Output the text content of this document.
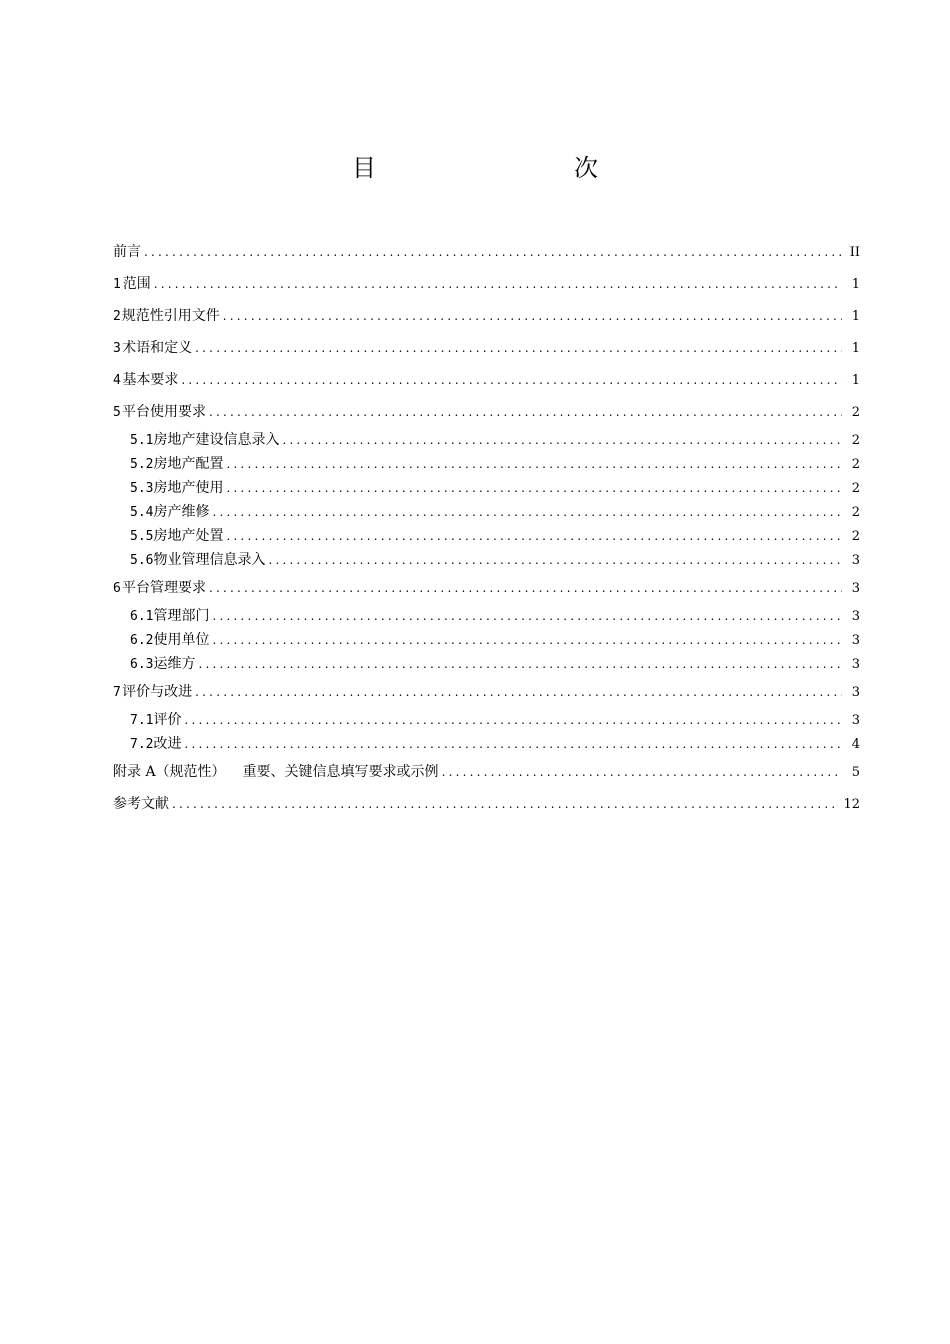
目　　次
前言 .....	II
1 范围 .....	1
2 规范性引用文件 .....	1
3 术语和定义 .....	1
4 基本要求 .....	1
5 平台使用要求 .....	2
5.1 房地产建设信息录入 .....	2
5.2 房地产配置 .....	2
5.3 房地产使用 .....	2
5.4 房产维修 .....	2
5.5 房地产处置 .....	2
5.6 物业管理信息录入 .....	3
6 平台管理要求 .....	3
6.1 管理部门 .....	3
6.2 使用单位 .....	3
6.3 运维方 .....	3
7 评价与改进 .....	3
7.1 评价 .....	3
7.2 改进 .....	4
附录 A（规范性） 重要、关键信息填写要求或示例 .....	5
参考文献 .....	12
